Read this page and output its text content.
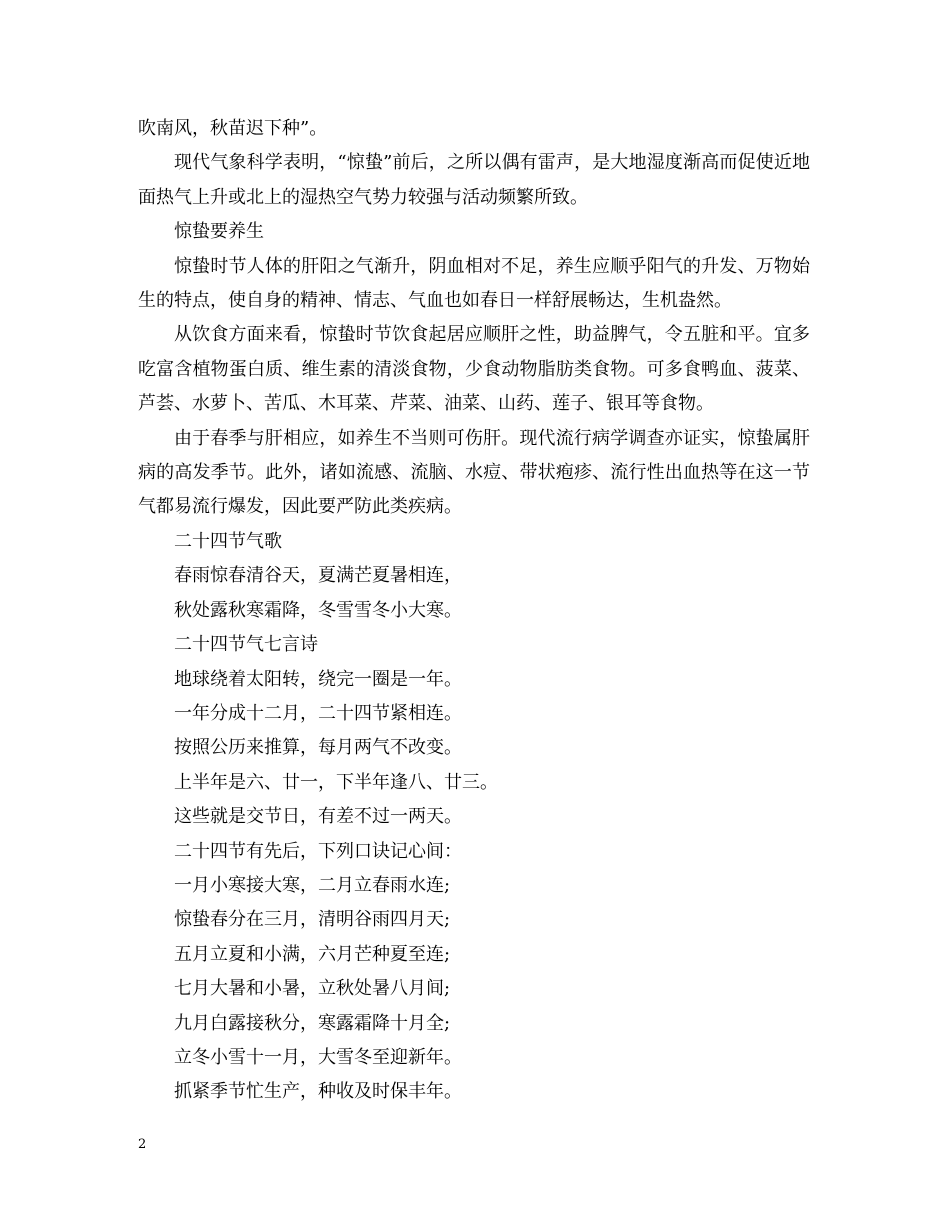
吹南风，秋苗迟下种”。

现代气象科学表明，“惊蛰”前后，之所以偶有雷声，是大地湿度渐高而促使近地面热气上升或北上的湿热空气势力较强与活动频繁所致。

惊蛰要养生

惊蛰时节人体的肝阳之气渐升，阴血相对不足，养生应顺乎阳气的升发、万物始生的特点，使自身的精神、情志、气血也如春日一样舒展畅达，生机盎然。

从饮食方面来看，惊蛰时节饮食起居应顺肝之性，助益脾气，令五脏和平。宜多吃富含植物蛋白质、维生素的清淡食物，少食动物脂肪类食物。可多食鸭血、菠菜、芦荟、水萝卜、苦瓜、木耳菜、芹菜、油菜、山药、莲子、银耳等食物。

由于春季与肝相应，如养生不当则可伤肝。现代流行病学调查亦证实，惊蛰属肝病的高发季节。此外，诸如流感、流脑、水痘、带状疱疹、流行性出血热等在这一节气都易流行爆发，因此要严防此类疾病。

二十四节气歌

春雨惊春清谷天，夏满芒夏暑相连，

秋处露秋寒霜降，冬雪雪冬小大寒。

二十四节气七言诗

地球绕着太阳转，绕完一圈是一年。

一年分成十二月，二十四节紧相连。

按照公历来推算，每月两气不改变。

上半年是六、廿一，下半年逢八、廿三。

这些就是交节日，有差不过一两天。

二十四节有先后，下列口诀记心间：

一月小寒接大寒，二月立春雨水连;

惊蛰春分在三月，清明谷雨四月天;

五月立夏和小满，六月芒种夏至连;

七月大暑和小暑，立秋处暑八月间;

九月白露接秋分，寒露霜降十月全;

立冬小雪十一月，大雪冬至迎新年。

抓紧季节忙生产，种收及时保丰年。

2
